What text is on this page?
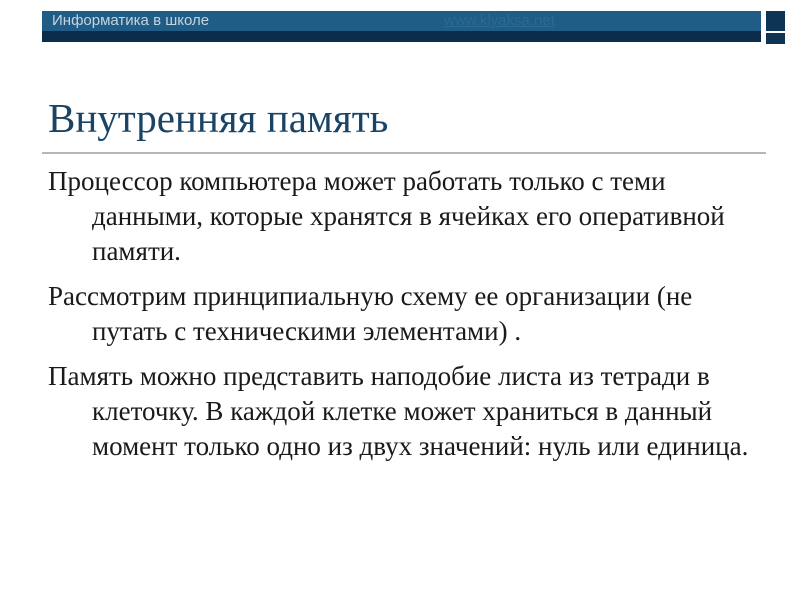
Информатика в школе	www.klyaksa.net
Внутренняя память

Процессор компьютера может работать только с теми данными, которые хранятся в ячейках его оперативной памяти.

Рассмотрим принципиальную схему ее организации (не путать с техническими элементами) .

Память можно представить наподобие листа из тетради в клеточку. В каждой клетке может храниться в данный момент только одно из двух значений: нуль или единица.
